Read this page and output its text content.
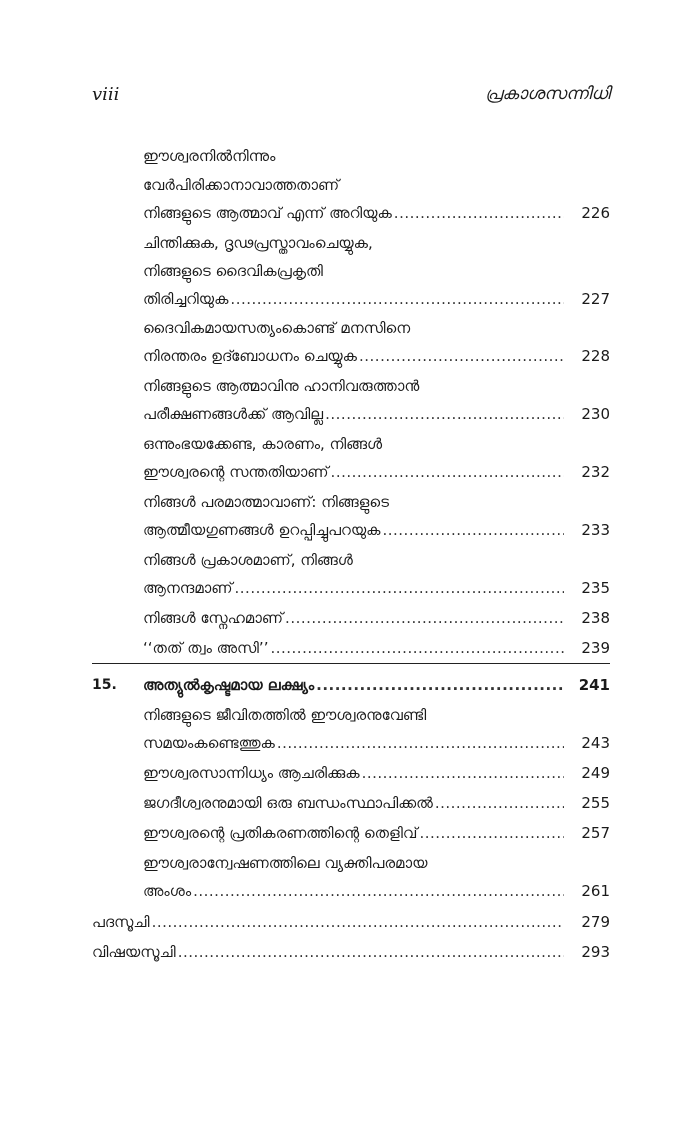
viii	പ്രകാശസന്നിധി
ഈശ്വരനിൽനിന്നും
വേർപിരിക്കാനാവാത്തതാണ്
നിങ്ങളുടെ ആത്മാവ് എന്ന് അറിയുക .....	226
ചിന്തിക്കുക, ദൃഢപ്രസ്താവംചെയ്യുക,
നിങ്ങളുടെ ദൈവികപ്രകൃതി
തിരിച്ചറിയുക .....	227
ദൈവികമായസത്യംകൊണ്ട് മനസിനെ
നിരന്തരം ഉദ്ബോധനം ചെയ്യുക .....	228
നിങ്ങളുടെ ആത്മാവിനു ഹാനിവരുത്താൻ
പരീക്ഷണങ്ങൾക്ക് ആവില്ല .....	230
ഒന്നുംഭയക്കേണ്ട, കാരണം, നിങ്ങൾ
ഈശ്വരന്റെ സന്തതിയാണ് .....	232
നിങ്ങൾ പരമാത്മാവാണ്: നിങ്ങളുടെ
ആത്മീയഗുണങ്ങൾ ഉറപ്പിച്ചുപറയുക .....	233
നിങ്ങൾ പ്രകാശമാണ്, നിങ്ങൾ
ആനന്ദമാണ് .....	235
നിങ്ങൾ സ്നേഹമാണ് .....	238
‘‘തത് ത്വം അസി’’ .....	239
15. അത്യുൽകൃഷ്ടമായ ലക്ഷ്യം .....	241
നിങ്ങളുടെ ജീവിതത്തിൽ ഈശ്വരനുവേണ്ടി
സമയംകണ്ടെത്തുക .....	243
ഈശ്വരസാന്നിധ്യം ആചരിക്കുക .....	249
ജഗദീശ്വരനുമായി ഒരു ബന്ധംസ്ഥാപിക്കൽ .....	255
ഈശ്വരന്റെ പ്രതികരണത്തിന്റെ തെളിവ് .....	257
ഈശ്വരാന്വേഷണത്തിലെ വ്യക്തിപരമായ
അംശം .....	261
പദസൂചി .....	279
വിഷയസൂചി .....	293
